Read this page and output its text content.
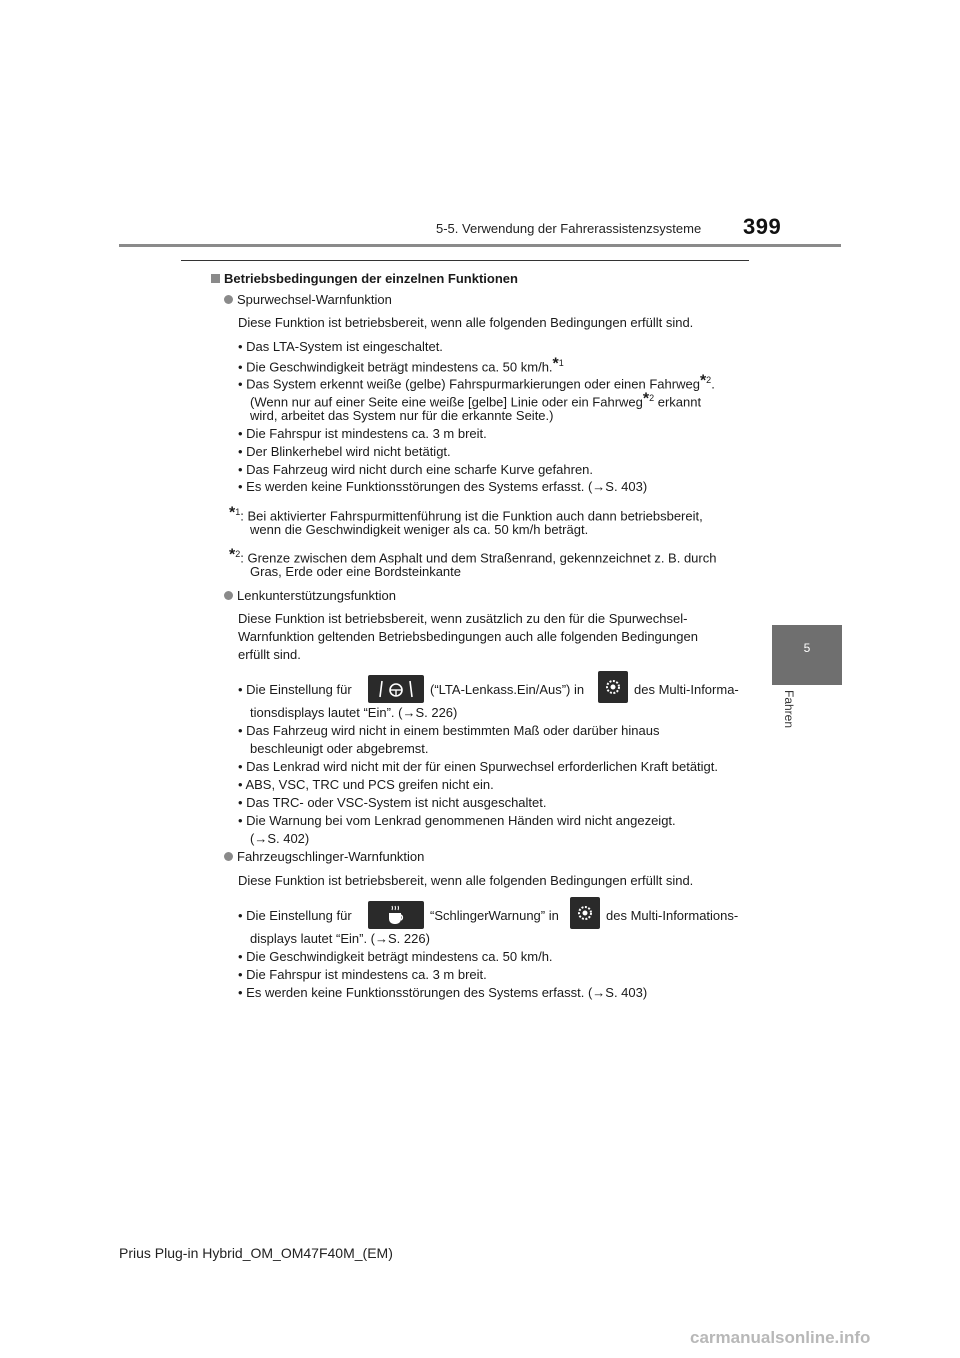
5-5. Verwendung der Fahrerassistenzsysteme 399
5
Fahren
Betriebsbedingungen der einzelnen Funktionen
Spurwechsel-Warnfunktion
Diese Funktion ist betriebsbereit, wenn alle folgenden Bedingungen erfüllt sind.
• Das LTA-System ist eingeschaltet.
• Die Geschwindigkeit beträgt mindestens ca. 50 km/h.*$^1$
• Das System erkennt weiße (gelbe) Fahrspurmarkierungen oder einen Fahrweg*$^2$.
(Wenn nur auf einer Seite eine weiße [gelbe] Linie oder ein Fahrweg*$^2$ erkannt
wird, arbeitet das System nur für die erkannte Seite.)
• Die Fahrspur ist mindestens ca. 3 m breit.
• Der Blinkerhebel wird nicht betätigt.
• Das Fahrzeug wird nicht durch eine scharfe Kurve gefahren.
• Es werden keine Funktionsstörungen des Systems erfasst. (→S. 403)
*$^1$: Bei aktivierter Fahrspurmittenführung ist die Funktion auch dann betriebsbereit,
wenn die Geschwindigkeit weniger als ca. 50 km/h beträgt.
*$^2$: Grenze zwischen dem Asphalt und dem Straßenrand, gekennzeichnet z. B. durch
Gras, Erde oder eine Bordsteinkante
Lenkunterstützungsfunktion
Diese Funktion ist betriebsbereit, wenn zusätzlich zu den für die Spurwechsel-
Warnfunktion geltenden Betriebsbedingungen auch alle folgenden Bedingungen
erfüllt sind.
• Die Einstellung für	(“LTA-Lenkass.Ein/Aus”) in	des Multi-Informa-
tionsdisplays lautet “Ein”. (→S. 226)
• Das Fahrzeug wird nicht in einem bestimmten Maß oder darüber hinaus
beschleunigt oder abgebremst.
• Das Lenkrad wird nicht mit der für einen Spurwechsel erforderlichen Kraft betätigt.
• ABS, VSC, TRC und PCS greifen nicht ein.
• Das TRC- oder VSC-System ist nicht ausgeschaltet.
• Die Warnung bei vom Lenkrad genommenen Händen wird nicht angezeigt.
(→S. 402)
Fahrzeugschlinger-Warnfunktion
Diese Funktion ist betriebsbereit, wenn alle folgenden Bedingungen erfüllt sind.
• Die Einstellung für	“SchlingerWarnung” in	des Multi-Informations-
displays lautet “Ein”. (→S. 226)
• Die Geschwindigkeit beträgt mindestens ca. 50 km/h.
• Die Fahrspur ist mindestens ca. 3 m breit.
• Es werden keine Funktionsstörungen des Systems erfasst. (→S. 403)
Prius Plug-in Hybrid_OM_OM47F40M_(EM)
carmanualsonline.info
